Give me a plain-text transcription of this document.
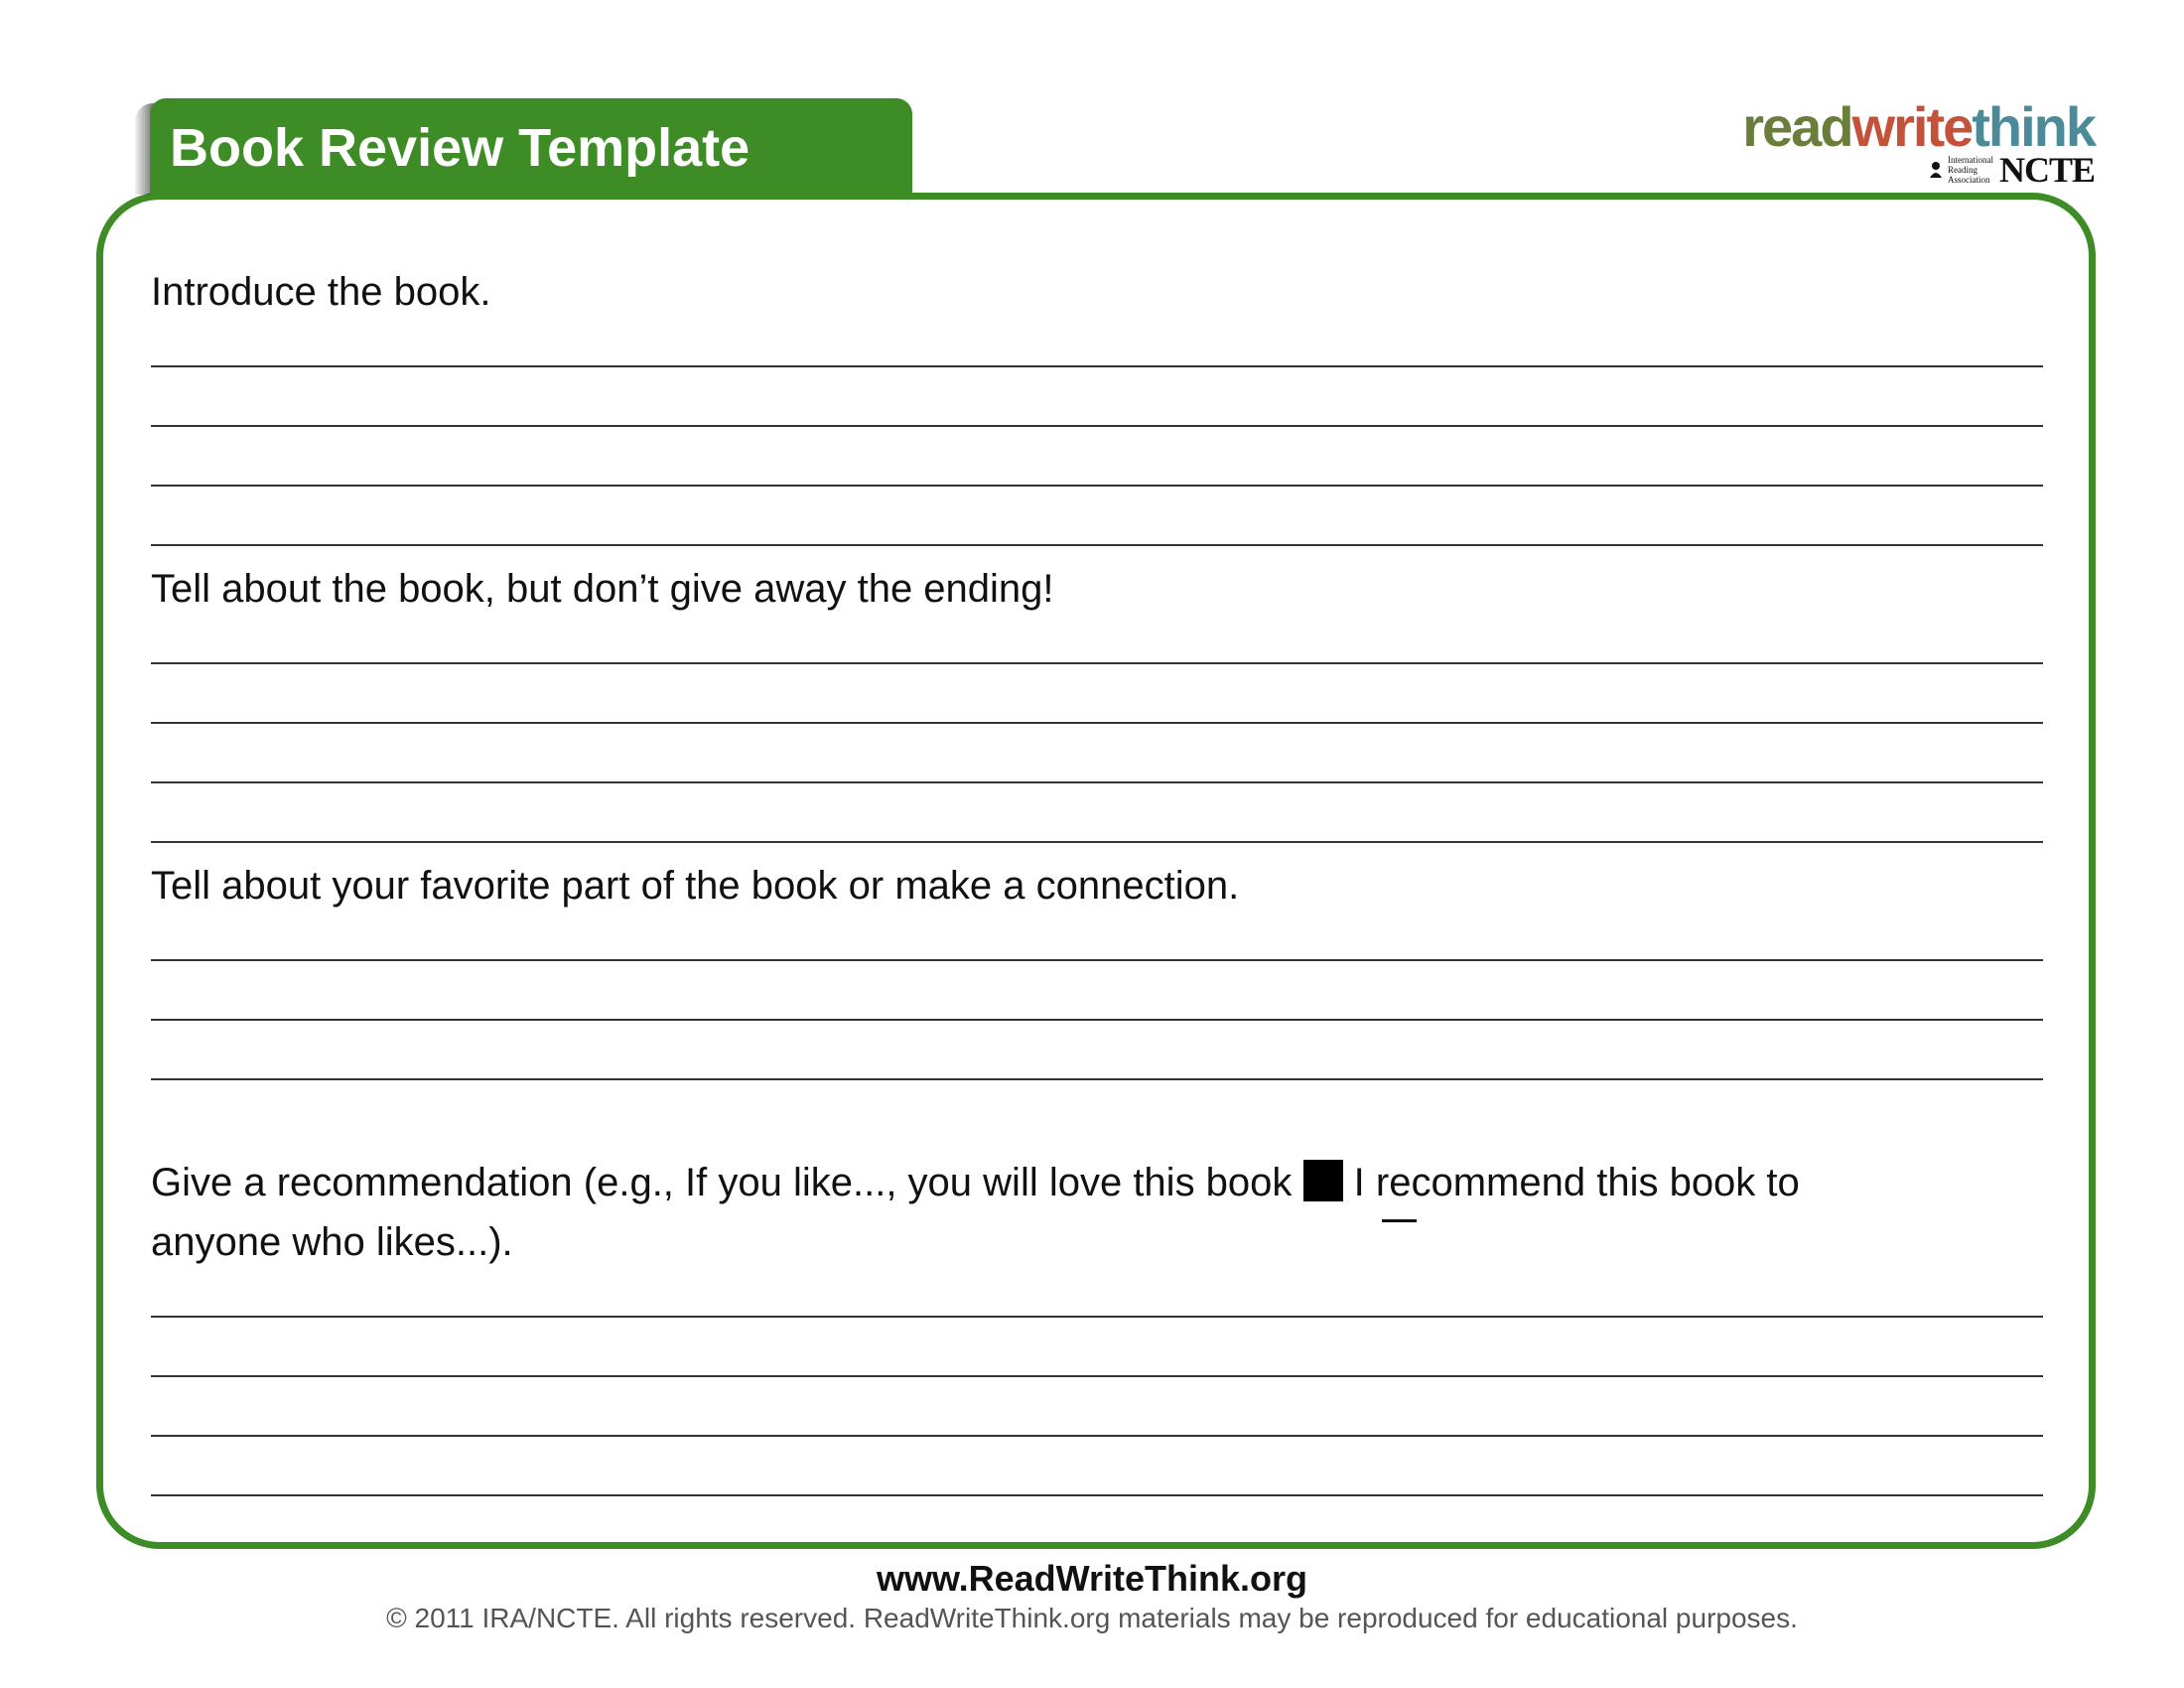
Book Review Template	readwritethink
International
Reading
Association NCTE
Introduce the book.
Tell about the book, but don’t give away the ending!
Tell about your favorite part of the book or make a connection.
Give a recommendation (e.g., If you like..., you will love this book  I recommend this book to
anyone who likes...).
www.ReadWriteThink.org
© 2011 IRA/NCTE. All rights reserved. ReadWriteThink.org materials may be reproduced for educational purposes.
